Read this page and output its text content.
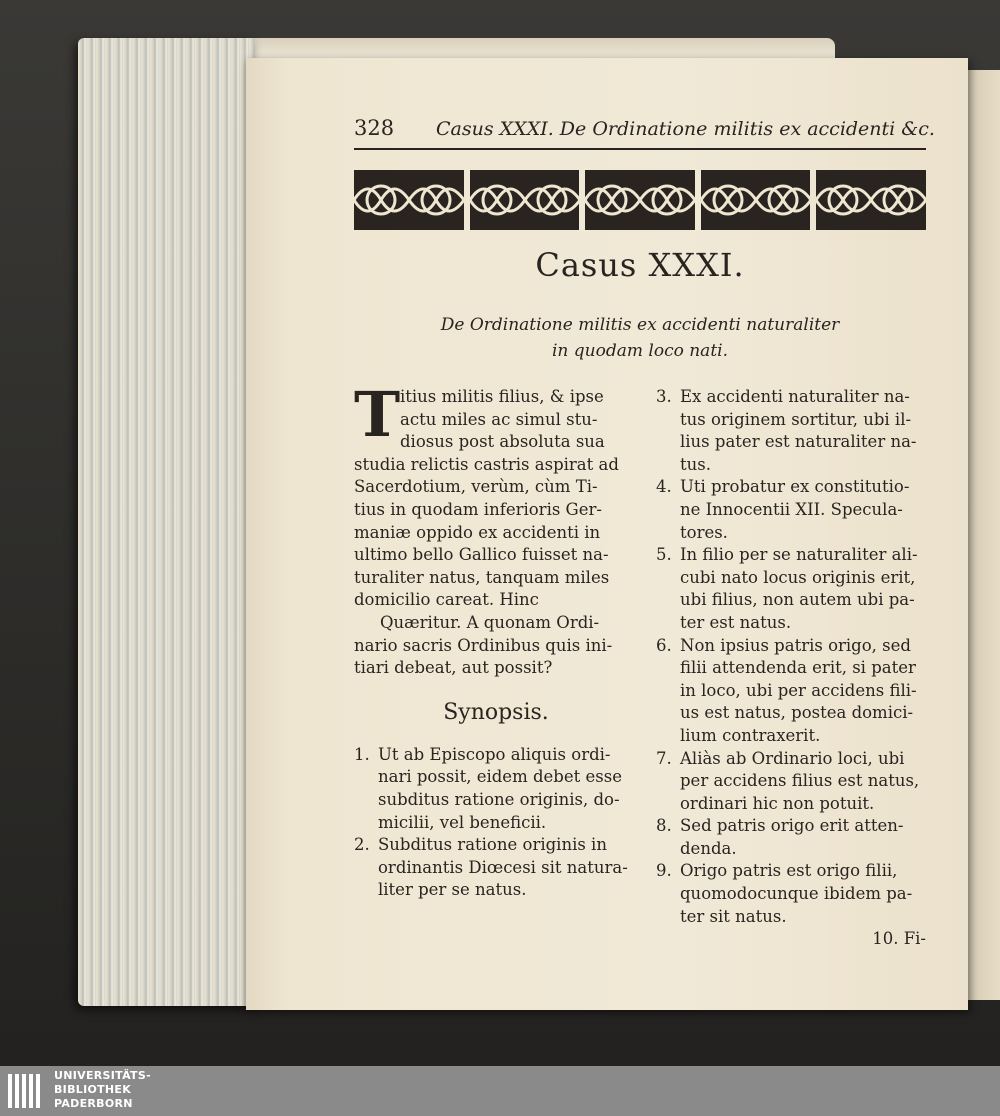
328 Casus XXXI. De Ordinatione militis ex accidenti &c.
Casus XXXI.
De Ordinatione militis ex accidenti naturaliter
in quodam loco nati.
T itius militis filius, & ipse
actu miles ac simul stu-
diosus post absoluta sua
studia relictis castris aspirat ad
Sacerdotium, verùm, cùm Ti-
tius in quodam inferioris Ger-
maniæ oppido ex accidenti in
ultimo bello Gallico fuisset na-
turaliter natus, tanquam miles
domicilio careat. Hinc
Quæritur. A quonam Ordi-
nario sacris Ordinibus quis ini-
tiari debeat, aut possit?
Synopsis.
1. Ut ab Episcopo aliquis ordi-
nari possit, eidem debet esse
subditus ratione originis, do-
micilii, vel beneficii.
2. Subditus ratione originis in
ordinantis Diœcesi sit natura-
liter per se natus.
3. Ex accidenti naturaliter na-
tus originem sortitur, ubi il-
lius pater est naturaliter na-
tus.
4. Uti probatur ex constitutio-
ne Innocentii XII. Specula-
tores.
5. In filio per se naturaliter ali-
cubi nato locus originis erit,
ubi filius, non autem ubi pa-
ter est natus.
6. Non ipsius patris origo, sed
filii attendenda erit, si pater
in loco, ubi per accidens fili-
us est natus, postea domici-
lium contraxerit.
7. Aliàs ab Ordinario loci, ubi
per accidens filius est natus,
ordinari hic non potuit.
8. Sed patris origo erit atten-
denda.
9. Origo patris est origo filii,
quomodocunque ibidem pa-
ter sit natus.
10. Fi-
UNIVERSITÄTS-
BIBLIOTHEK
PADERBORN
